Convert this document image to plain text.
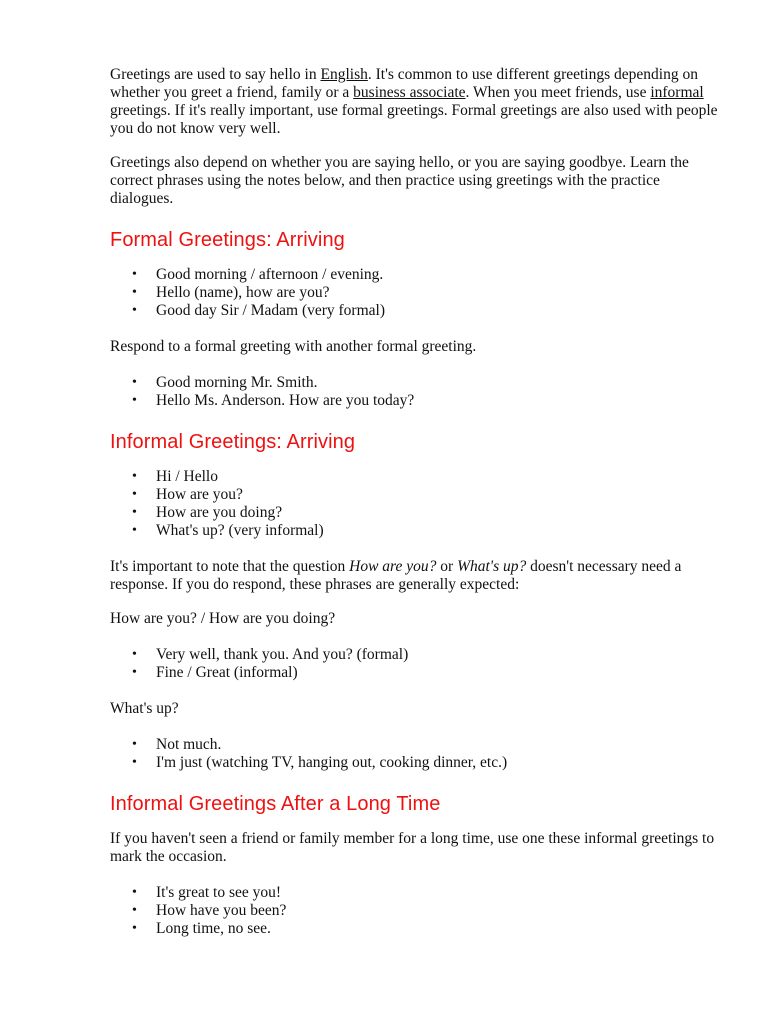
Greetings are used to say hello in English. It's common to use different greetings depending on whether you greet a friend, family or a business associate. When you meet friends, use informal greetings. If it's really important, use formal greetings. Formal greetings are also used with people you do not know very well.

Greetings also depend on whether you are saying hello, or you are saying goodbye. Learn the correct phrases using the notes below, and then practice using greetings with the practice dialogues.

Formal Greetings: Arriving
• Good morning / afternoon / evening.
• Hello (name), how are you?
• Good day Sir / Madam (very formal)

Respond to a formal greeting with another formal greeting.

• Good morning Mr. Smith.
• Hello Ms. Anderson. How are you today?
Informal Greetings: Arriving
• Hi / Hello
• How are you?
• How are you doing?
• What's up? (very informal)

It's important to note that the question How are you? or What's up? doesn't necessary need a response. If you do respond, these phrases are generally expected:

How are you? / How are you doing?

• Very well, thank you. And you? (formal)
• Fine / Great (informal)

What's up?

• Not much.
• I'm just (watching TV, hanging out, cooking dinner, etc.)
Informal Greetings After a Long Time

If you haven't seen a friend or family member for a long time, use one these informal greetings to mark the occasion.

• It's great to see you!
• How have you been?
• Long time, no see.
